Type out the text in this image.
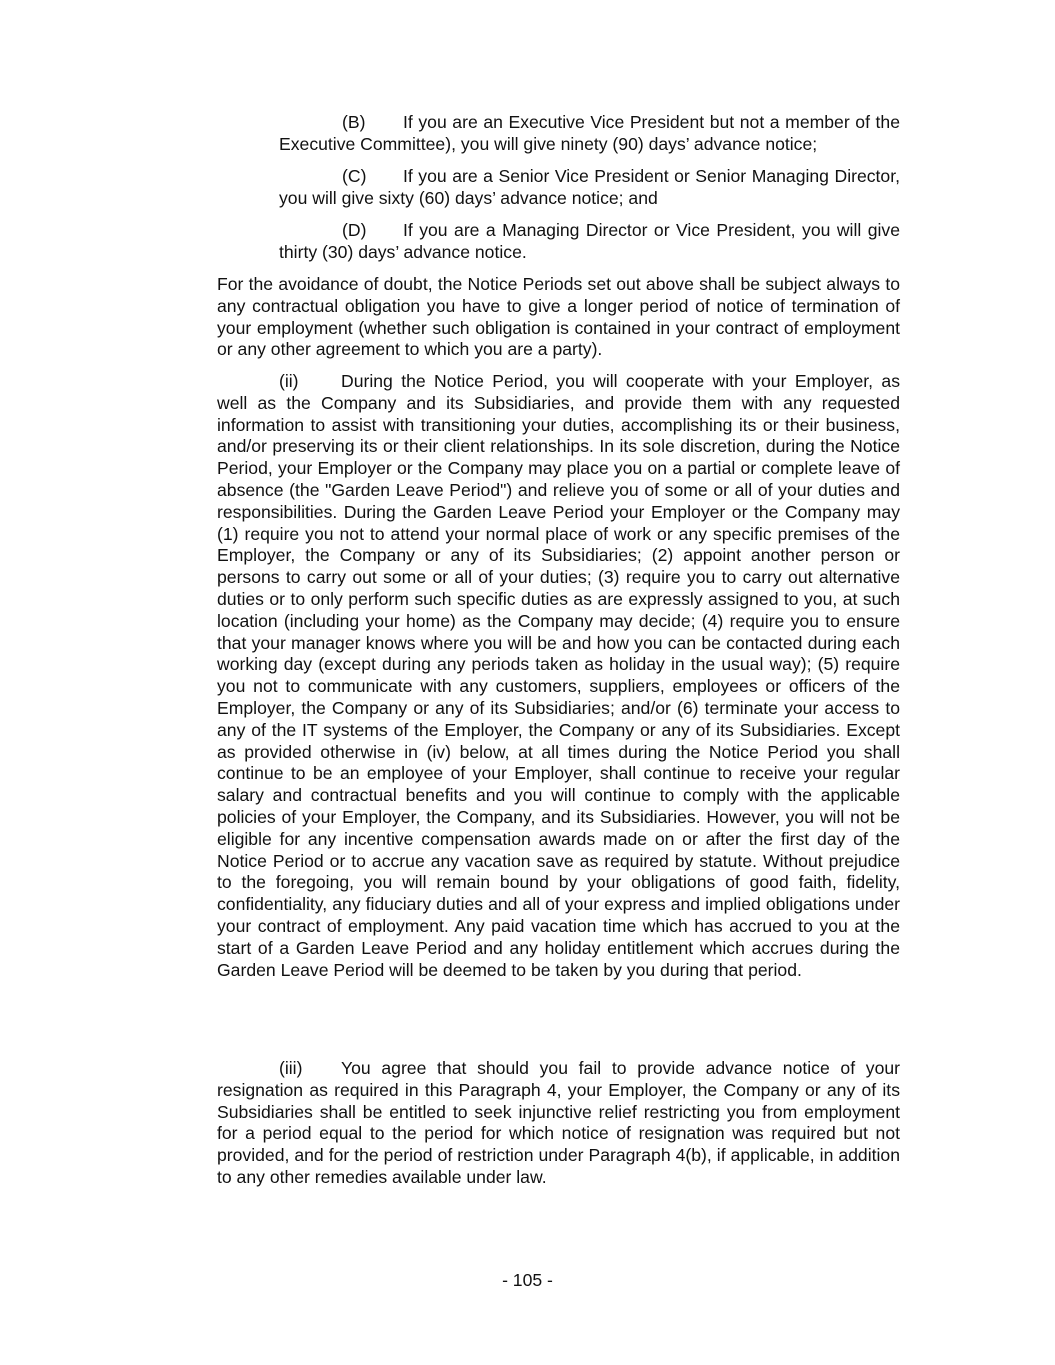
(B) If you are an Executive Vice President but not a member of the Executive Committee), you will give ninety (90) days’ advance notice;

(C) If you are a Senior Vice President or Senior Managing Director, you will give sixty (60) days’ advance notice; and

(D) If you are a Managing Director or Vice President, you will give thirty (30) days’ advance notice.

For the avoidance of doubt, the Notice Periods set out above shall be subject always to any contractual obligation you have to give a longer period of notice of termination of your employment (whether such obligation is contained in your contract of employment or any other agreement to which you are a party).

(ii) During the Notice Period, you will cooperate with your Employer, as well as the Company and its Subsidiaries, and provide them with any requested information to assist with transitioning your duties, accomplishing its or their business, and/or preserving its or their client relationships. In its sole discretion, during the Notice Period, your Employer or the Company may place you on a partial or complete leave of absence (the "Garden Leave Period") and relieve you of some or all of your duties and responsibilities. During the Garden Leave Period your Employer or the Company may (1) require you not to attend your normal place of work or any specific premises of the Employer, the Company or any of its Subsidiaries; (2) appoint another person or persons to carry out some or all of your duties; (3) require you to carry out alternative duties or to only perform such specific duties as are expressly assigned to you, at such location (including your home) as the Company may decide; (4) require you to ensure that your manager knows where you will be and how you can be contacted during each working day (except during any periods taken as holiday in the usual way); (5) require you not to communicate with any customers, suppliers, employees or officers of the Employer, the Company or any of its Subsidiaries; and/or (6) terminate your access to any of the IT systems of the Employer, the Company or any of its Subsidiaries. Except as provided otherwise in (iv) below, at all times during the Notice Period you shall continue to be an employee of your Employer, shall continue to receive your regular salary and contractual benefits and you will continue to comply with the applicable policies of your Employer, the Company, and its Subsidiaries. However, you will not be eligible for any incentive compensation awards made on or after the first day of the Notice Period or to accrue any vacation save as required by statute. Without prejudice to the foregoing, you will remain bound by your obligations of good faith, fidelity, confidentiality, any fiduciary duties and all of your express and implied obligations under your contract of employment. Any paid vacation time which has accrued to you at the start of a Garden Leave Period and any holiday entitlement which accrues during the Garden Leave Period will be deemed to be taken by you during that period.

(iii) You agree that should you fail to provide advance notice of your resignation as required in this Paragraph 4, your Employer, the Company or any of its Subsidiaries shall be entitled to seek injunctive relief restricting you from employment for a period equal to the period for which notice of resignation was required but not provided, and for the period of restriction under Paragraph 4(b), if applicable, in addition to any other remedies available under law.

- 105 -
